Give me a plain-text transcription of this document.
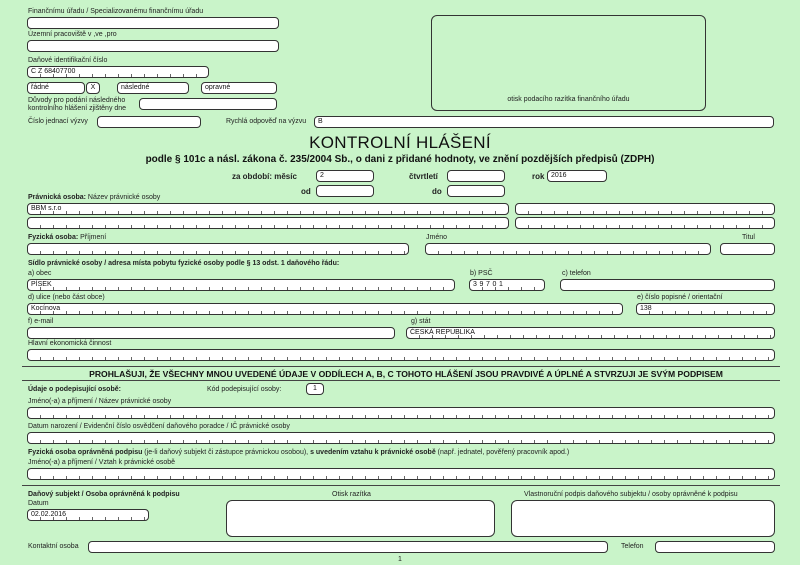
Finančnímu úřadu / Specializovanému finančnímu úřadu
Územní pracoviště v ,ve ,pro
Daňové identifikační číslo
C Z 68407700
řádné	X	následné	opravné
Důvody pro podání následného
kontrolního hlášení zjištěny dne
Číslo jednací výzvy	Rychlá odpověď na výzvu	B
otisk podacího razítka finančního úřadu
KONTROLNÍ HLÁŠENÍ
podle § 101c a násl. zákona č. 235/2004 Sb., o dani z přidané hodnoty, ve znění pozdějších předpisů (ZDPH)
za období: měsíc	2	čtvrtletí	rok 2016
od	do
Právnická osoba: Název právnické osoby
BBM s.r.o
Fyzická osoba: Příjmení	Jméno	Titul
Sídlo právnické osoby / adresa místa pobytu fyzické osoby podle § 13 odst. 1 daňového řádu:
a) obec
PÍSEK
b) PSČ
39701
c) telefon
d) ulice (nebo část obce)
Kocínova
e) číslo popisné / orientační
138
f) e-mail	g) stát
ČESKÁ REPUBLIKA
Hlavní ekonomická činnost
PROHLAŠUJI, ŽE VŠECHNY MNOU UVEDENÉ ÚDAJE V ODDÍLECH A, B, C TOHOTO HLÁŠENÍ JSOU PRAVDIVÉ A ÚPLNÉ A STVRZUJI JE SVÝM PODPISEM
Údaje o podepisující osobě:	Kód podepisující osoby:	1
Jméno(-a) a příjmení / Název právnické osoby
Datum narození / Evidenční číslo osvědčení daňového poradce / IČ právnické osoby
Fyzická osoba oprávněná podpisu (je-li daňový subjekt či zástupce právnickou osobou), s uvedením vztahu k právnické osobě (např. jednatel, pověřený pracovník apod.)
Jméno(-a) a příjmení / Vztah k právnické osobě
Daňový subjekt / Osoba oprávněná k podpisu
Datum
02.02.2016
Otisk razítka	Vlastnoruční podpis daňového subjektu / osoby oprávněné k podpisu
Kontaktní osoba	Telefon
1
